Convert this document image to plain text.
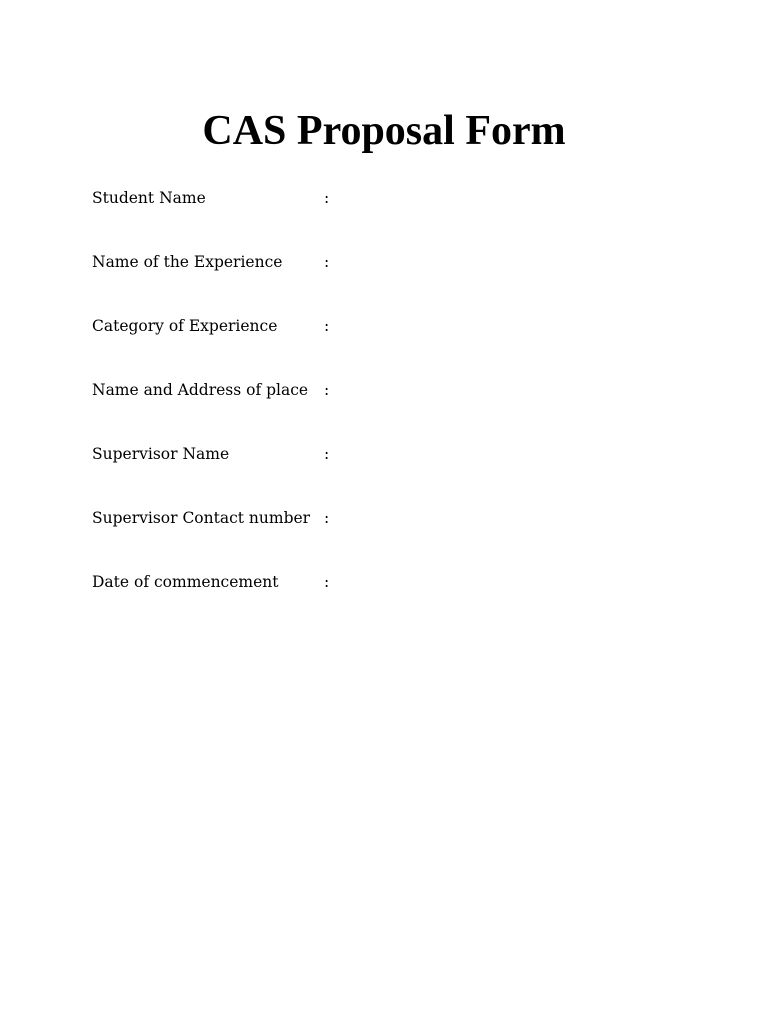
CAS Proposal Form
Student Name	:
Name of the Experience	:
Category of Experience	:
Name and Address of place :
Supervisor Name	:
Supervisor Contact number :
Date of commencement	:
